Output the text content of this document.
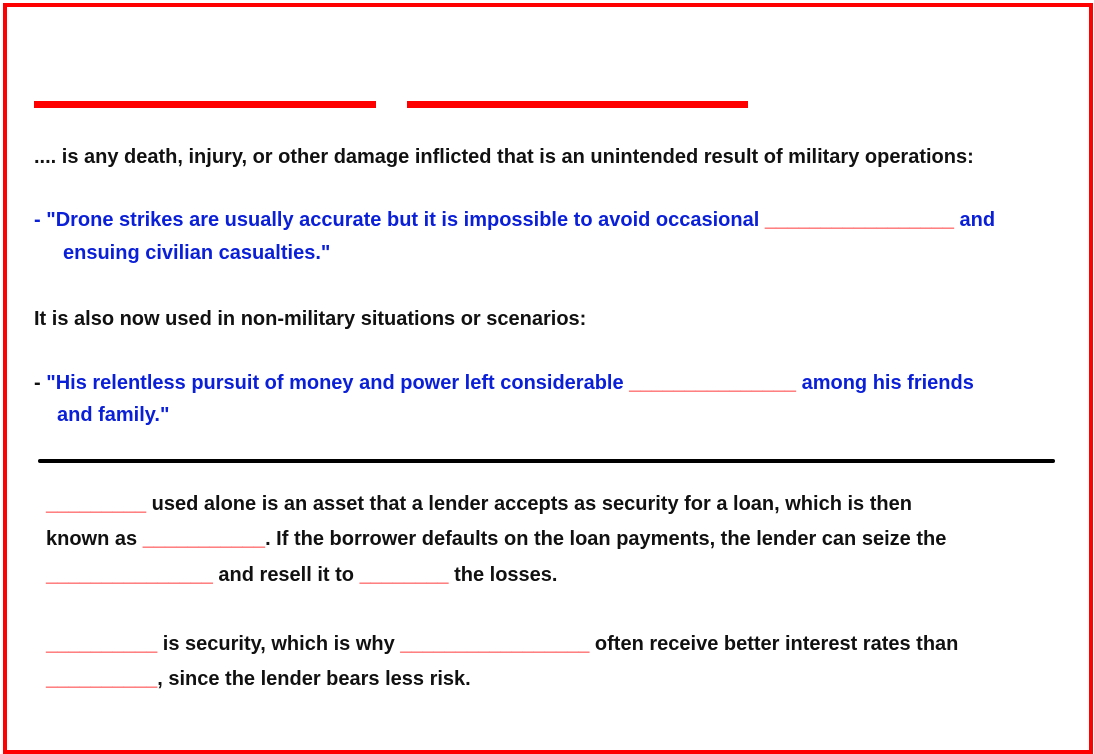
.... is any death, injury, or other damage inflicted that is an unintended result of military operations:
- "Drone strikes are usually accurate but it is impossible to avoid occasional _________________ and
ensuing civilian casualties."
It is also now used in non-military situations or scenarios:
- "His relentless pursuit of money and power left considerable _______________ among his friends
and family."
_________ used alone is an asset that a lender accepts as security for a loan, which is then
known as ___________. If the borrower defaults on the loan payments, the lender can seize the
_______________ and resell it to ________ the losses.
__________ is security, which is why _________________ often receive better interest rates than
__________, since the lender bears less risk.
